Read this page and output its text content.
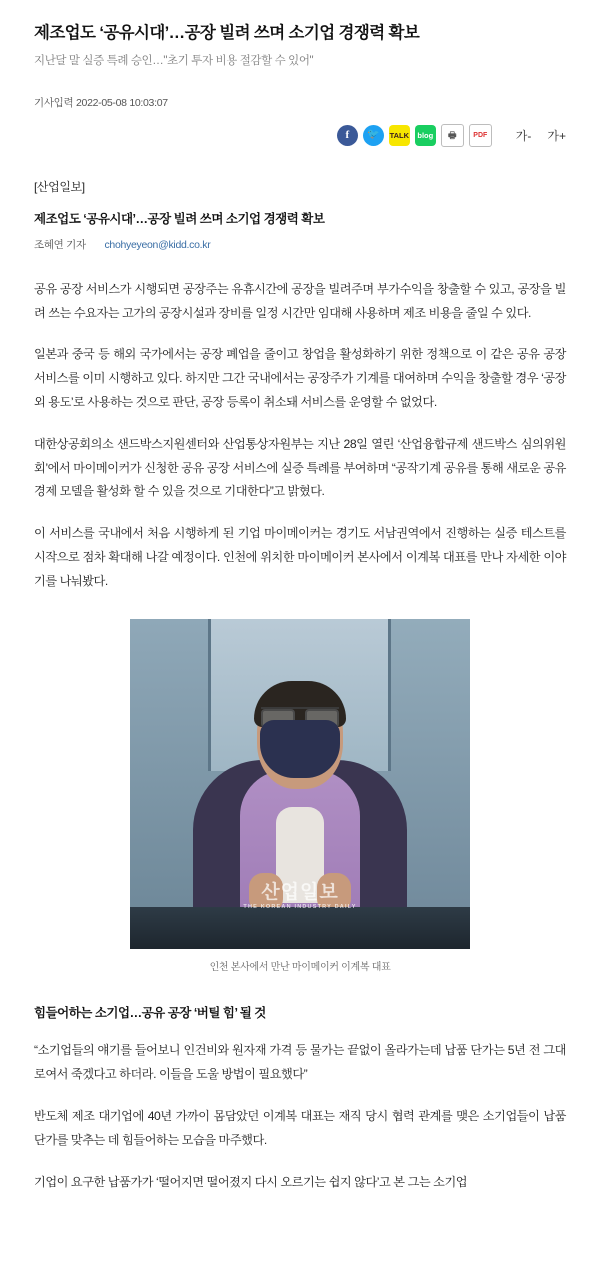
제조업도 ‘공유시대’…공장 빌려 쓰며 소기업 경쟁력 확보
지난달 말 실증 특례 승인…"초기 투자 비용 절감할 수 있어"
기사입력 2022-05-08 10:03:07
f	🐦	TALK	blog	🖶	PDF	가- 가+
[산업일보]
제조업도 ‘공유시대’…공장 빌려 쓰며 소기업 경쟁력 확보
조혜연 기자 chohyeyeon@kidd.co.kr

공유 공장 서비스가 시행되면 공장주는 유휴시간에 공장을 빌려주며 부가수익을 창출할 수 있고, 공장을 빌려 쓰는 수요자는 고가의 공장시설과 장비를 일정 시간만 임대해 사용하며 제조 비용을 줄일 수 있다.

일본과 중국 등 해외 국가에서는 공장 폐업을 줄이고 창업을 활성화하기 위한 정책으로 이 같은 공유 공장 서비스를 이미 시행하고 있다. 하지만 그간 국내에서는 공장주가 기계를 대여하며 수익을 창출할 경우 ‘공장 외 용도’로 사용하는 것으로 판단, 공장 등록이 취소돼 서비스를 운영할 수 없었다.

대한상공회의소 샌드박스지원센터와 산업통상자원부는 지난 28일 열린 ‘산업융합규제 샌드박스 심의위원회’에서 마이메이커가 신청한 공유 공장 서비스에 실증 특례를 부여하며 “공작기계 공유를 통해 새로운 공유 경제 모델을 활성화 할 수 있을 것으로 기대한다”고 밝혔다.

이 서비스를 국내에서 처음 시행하게 된 기업 마이메이커는 경기도 서남권역에서 진행하는 실증 테스트를 시작으로 점차 확대해 나갈 예정이다. 인천에 위치한 마이메이커 본사에서 이계복 대표를 만나 자세한 이야기를 나눠봤다.

산업일보
THE KOREAN INDUSTRY DAILY
인천 본사에서 만난 마이메이커 이계복 대표
힘들어하는 소기업…공유 공장 ‘버틸 힘’ 될 것

“소기업들의 얘기를 들어보니 인건비와 원자재 가격 등 물가는 끝없이 올라가는데 납품 단가는 5년 전 그대로여서 죽겠다고 하더라. 이들을 도울 방법이 필요했다”

반도체 제조 대기업에 40년 가까이 몸담았던 이계복 대표는 재직 당시 협력 관계를 맺은 소기업들이 납품 단가를 맞추는 데 힘들어하는 모습을 마주했다.

기업이 요구한 납품가가 ‘떨어지면 떨어졌지 다시 오르기는 쉽지 않다’고 본 그는 소기업
